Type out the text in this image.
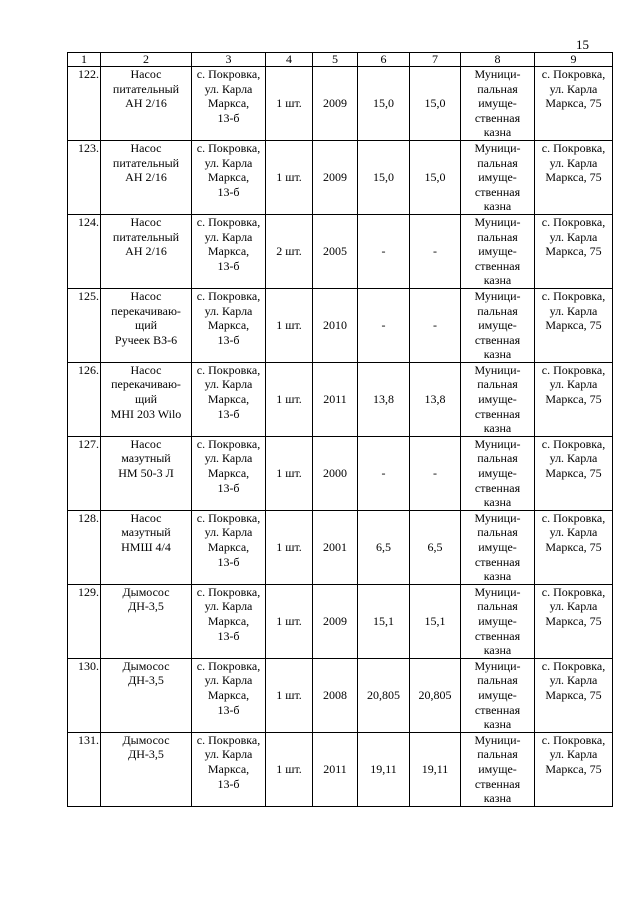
15
1	2	3	4	5	6	7	8	9
122.	Насос
питательный
АН 2/16	с. Покровка,
ул. Карла
Маркса,
13-б	1 шт.	2009	15,0	15,0	Муници-
пальная
имуще-
ственная
казна	с. Покровка,
ул. Карла
Маркса, 75

123.	Насос
питательный
АН 2/16	с. Покровка,
ул. Карла
Маркса,
13-б	1 шт.	2009	15,0	15,0	Муници-
пальная
имуще-
ственная
казна	с. Покровка,
ул. Карла
Маркса, 75

124.	Насос
питательный
АН 2/16	с. Покровка,
ул. Карла
Маркса,
13-б	2 шт.	2005	-	-	Муници-
пальная
имуще-
ственная
казна	с. Покровка,
ул. Карла
Маркса, 75

125.	Насос
перекачиваю-
щий
Ручеек ВЗ-6	с. Покровка,
ул. Карла
Маркса,
13-б	1 шт.	2010	-	-	Муници-
пальная
имуще-
ственная
казна	с. Покровка,
ул. Карла
Маркса, 75

126.	Насос
перекачиваю-
щий
MHI 203 Wilo	с. Покровка,
ул. Карла
Маркса,
13-б	1 шт.	2011	13,8	13,8	Муници-
пальная
имуще-
ственная
казна	с. Покровка,
ул. Карла
Маркса, 75

127.	Насос
мазутный
НМ 50-3 Л	с. Покровка,
ул. Карла
Маркса,
13-б	1 шт.	2000	-	-	Муници-
пальная
имуще-
ственная
казна	с. Покровка,
ул. Карла
Маркса, 75

128.	Насос
мазутный
НМШ 4/4	с. Покровка,
ул. Карла
Маркса,
13-б	1 шт.	2001	6,5	6,5	Муници-
пальная
имуще-
ственная
казна	с. Покровка,
ул. Карла
Маркса, 75

129.	Дымосос
ДН-3,5	с. Покровка,
ул. Карла
Маркса,
13-б	1 шт.	2009	15,1	15,1	Муници-
пальная
имуще-
ственная
казна	с. Покровка,
ул. Карла
Маркса, 75

130.	Дымосос
ДН-3,5	с. Покровка,
ул. Карла
Маркса,
13-б	1 шт.	2008	20,805	20,805	Муници-
пальная
имуще-
ственная
казна	с. Покровка,
ул. Карла
Маркса, 75

131.	Дымосос
ДН-3,5	с. Покровка,
ул. Карла
Маркса,
13-б	1 шт.	2011	19,11	19,11	Муници-
пальная
имуще-
ственная
казна	с. Покровка,
ул. Карла
Маркса, 75
